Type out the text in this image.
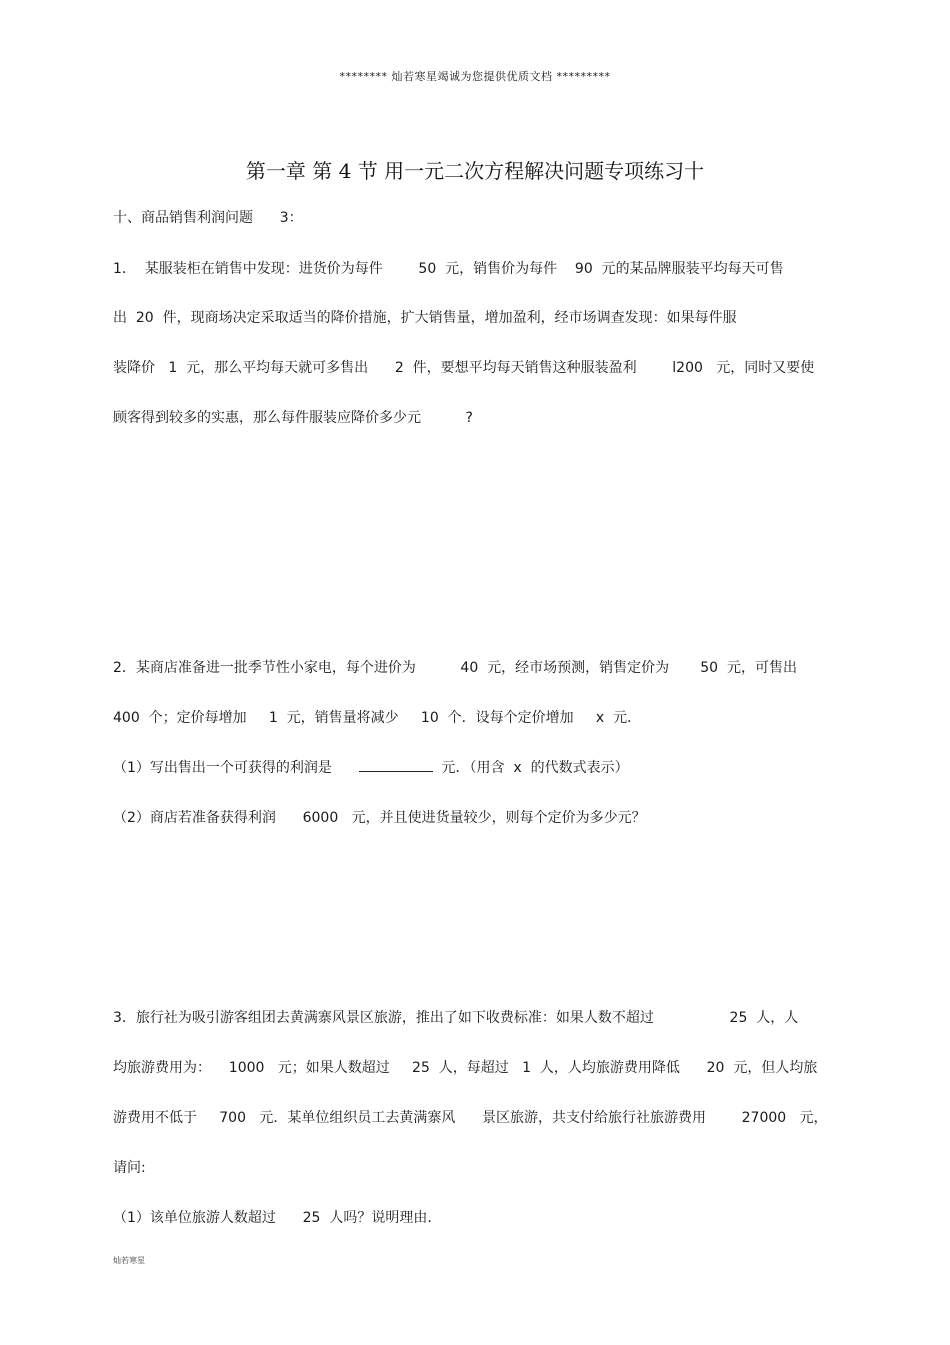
******** 灿若寒星竭诚为您提供优质文档 *********
第一章 第 4 节 用一元二次方程解决问题专项练习十
十、商品销售利润问题      3：
1．  某服装柜在销售中发现：进货价为每件        50  元，销售价为每件    90  元的某品牌服装平均每天可售
出  20  件，现商场决定采取适当的降价措施，扩大销售量，增加盈利，经市场调查发现：如果每件服
装降价   1  元，那么平均每天就可多售出      2  件，要想平均每天销售这种服装盈利        l200   元，同时又要使
顾客得到较多的实惠，那么每件服装应降价多少元          ?
2．某商店准备进一批季节性小家电，每个进价为          40  元，经市场预测，销售定价为       50  元，可售出
400  个；定价每增加     1  元，销售量将减少     10  个．设每个定价增加     x  元．
（1）写出售出一个可获得的利润是	元．（用含  x  的代数式表示）
（2）商店若准备获得利润      6000   元，并且使进货量较少，则每个定价为多少元？
3．旅行社为吸引游客组团去黄满寨风景区旅游，推出了如下收费标准：如果人数不超过                 25  人，人
均旅游费用为：    1000   元；如果人数超过     25  人，每超过   1  人，人均旅游费用降低      20  元，但人均旅
游费用不低于     700   元．某单位组织员工去黄满寨风      景区旅游，共支付给旅行社旅游费用        27000   元，
请问:
（1）该单位旅游人数超过      25  人吗？说明理由.
灿若寒星
